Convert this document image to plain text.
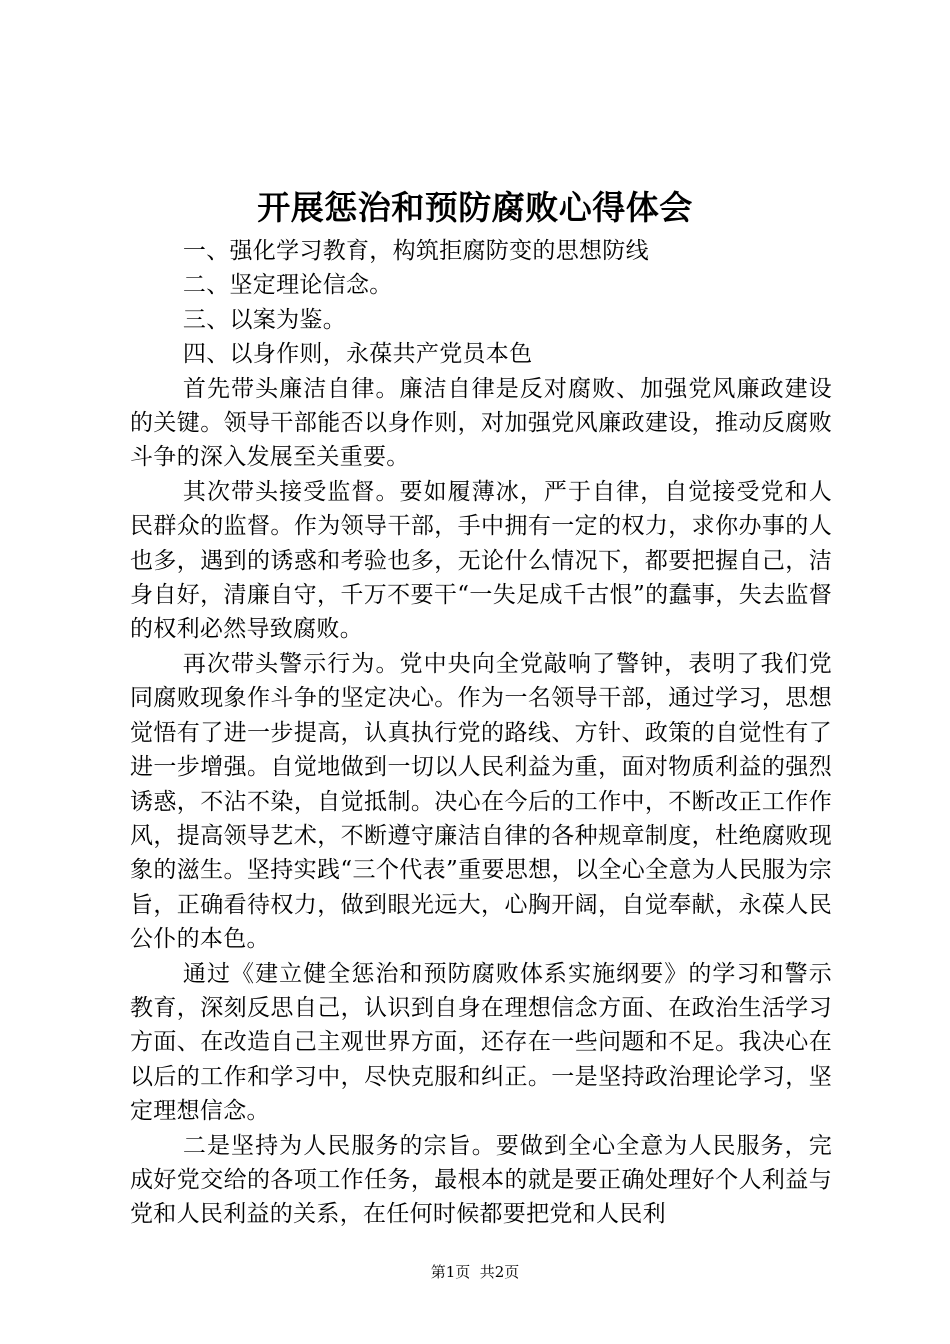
开展惩治和预防腐败心得体会

一、强化学习教育，构筑拒腐防变的思想防线

二、坚定理论信念。

三、以案为鉴。

四、以身作则，永葆共产党员本色

首先带头廉洁自律。廉洁自律是反对腐败、加强党风廉政建设的关键。领导干部能否以身作则，对加强党风廉政建设，推动反腐败斗争的深入发展至关重要。

其次带头接受监督。要如履薄冰，严于自律，自觉接受党和人民群众的监督。作为领导干部，手中拥有一定的权力，求你办事的人也多，遇到的诱惑和考验也多，无论什么情况下，都要把握自己，洁身自好，清廉自守，千万不要干“一失足成千古恨”的蠢事，失去监督的权利必然导致腐败。

再次带头警示行为。党中央向全党敲响了警钟，表明了我们党同腐败现象作斗争的坚定决心。作为一名领导干部，通过学习，思想觉悟有了进一步提高，认真执行党的路线、方针、政策的自觉性有了进一步增强。自觉地做到一切以人民利益为重，面对物质利益的强烈诱惑，不沾不染，自觉抵制。决心在今后的工作中，不断改正工作作风，提高领导艺术，不断遵守廉洁自律的各种规章制度，杜绝腐败现象的滋生。坚持实践“三个代表”重要思想，以全心全意为人民服为宗旨，正确看待权力，做到眼光远大，心胸开阔，自觉奉献，永葆人民公仆的本色。

通过《建立健全惩治和预防腐败体系实施纲要》的学习和警示教育，深刻反思自己，认识到自身在理想信念方面、在政治生活学习方面、在改造自己主观世界方面，还存在一些问题和不足。我决心在以后的工作和学习中，尽快克服和纠正。一是坚持政治理论学习，坚定理想信念。

二是坚持为人民服务的宗旨。要做到全心全意为人民服务，完成好党交给的各项工作任务，最根本的就是要正确处理好个人利益与党和人民利益的关系，在任何时候都要把党和人民利

第1页  共2页
